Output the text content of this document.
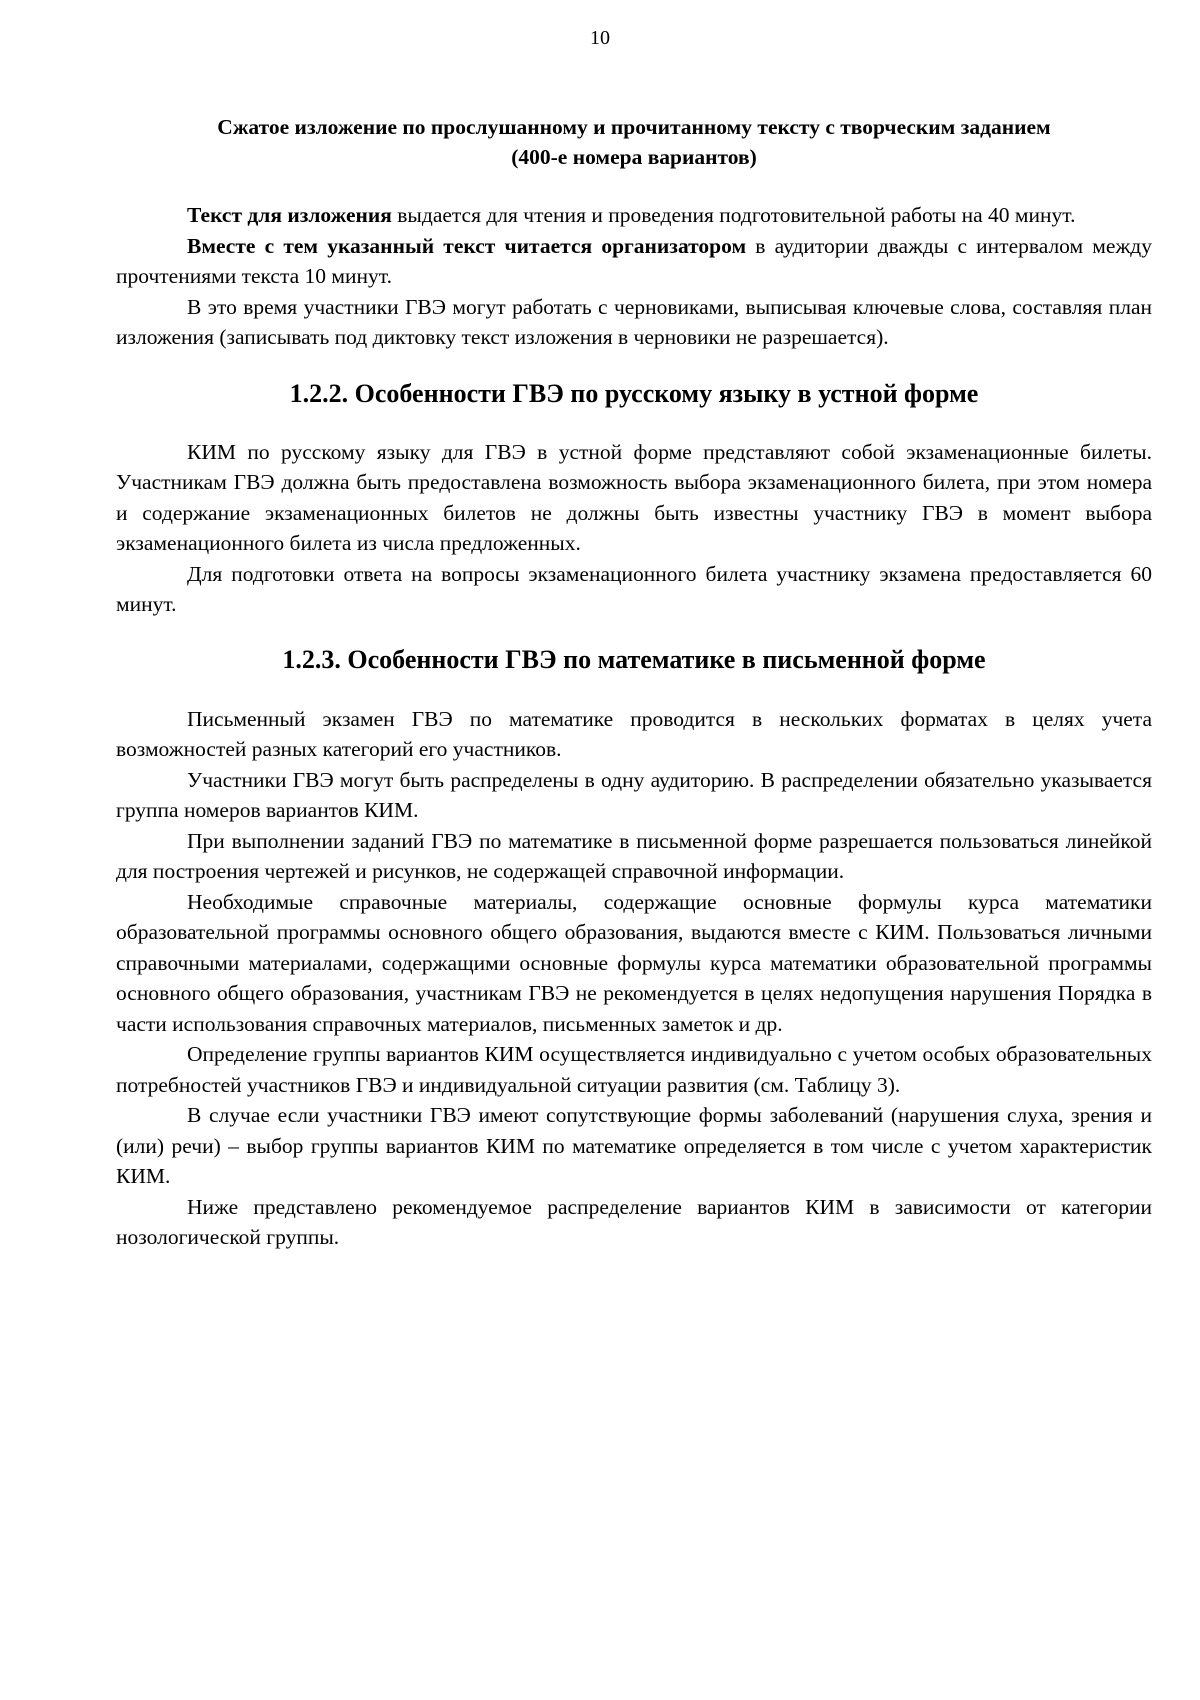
10
Сжатое изложение по прослушанному и прочитанному тексту с творческим заданием
(400-е номера вариантов)

Текст для изложения выдается для чтения и проведения подготовительной работы на 40 минут.

Вместе с тем указанный текст читается организатором в аудитории дважды с интервалом между прочтениями текста 10 минут.

В это время участники ГВЭ могут работать с черновиками, выписывая ключевые слова, составляя план изложения (записывать под диктовку текст изложения в черновики не разрешается).

1.2.2. Особенности ГВЭ по русскому языку в устной форме

КИМ по русскому языку для ГВЭ в устной форме представляют собой экзаменационные билеты. Участникам ГВЭ должна быть предоставлена возможность выбора экзаменационного билета, при этом номера и содержание экзаменационных билетов не должны быть известны участнику ГВЭ в момент выбора экзаменационного билета из числа предложенных.

Для подготовки ответа на вопросы экзаменационного билета участнику экзамена предоставляется 60 минут.

1.2.3. Особенности ГВЭ по математике в письменной форме

Письменный экзамен ГВЭ по математике проводится в нескольких форматах в целях учета возможностей разных категорий его участников.

Участники ГВЭ могут быть распределены в одну аудиторию. В распределении обязательно указывается группа номеров вариантов КИМ.

При выполнении заданий ГВЭ по математике в письменной форме разрешается пользоваться линейкой для построения чертежей и рисунков, не содержащей справочной информации.

Необходимые справочные материалы, содержащие основные формулы курса математики образовательной программы основного общего образования, выдаются вместе с КИМ. Пользоваться личными справочными материалами, содержащими основные формулы курса математики образовательной программы основного общего образования, участникам ГВЭ не рекомендуется в целях недопущения нарушения Порядка в части использования справочных материалов, письменных заметок и др.

Определение группы вариантов КИМ осуществляется индивидуально с учетом особых образовательных потребностей участников ГВЭ и индивидуальной ситуации развития (см. Таблицу 3).

В случае если участники ГВЭ имеют сопутствующие формы заболеваний (нарушения слуха, зрения и (или) речи) – выбор группы вариантов КИМ по математике определяется в том числе с учетом характеристик КИМ.

Ниже представлено рекомендуемое распределение вариантов КИМ в зависимости от категории нозологической группы.
